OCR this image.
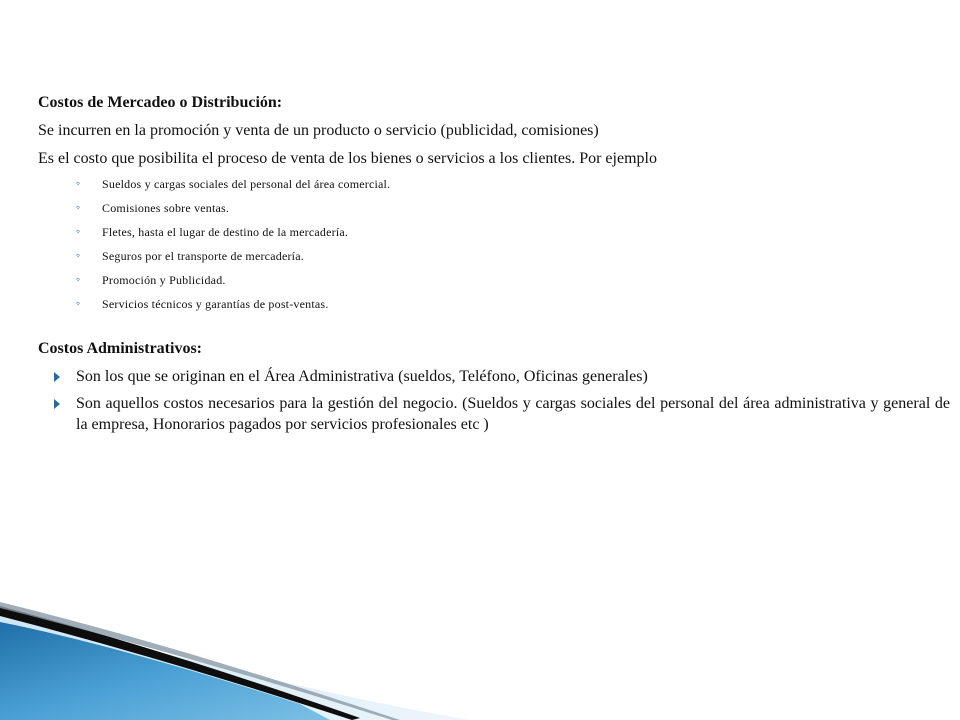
Costos de Mercadeo o Distribución:
Se incurren en la promoción y venta de un producto o servicio (publicidad, comisiones)
Es el costo que posibilita el proceso de venta de los bienes o servicios a los clientes. Por ejemplo
◦ Sueldos y cargas sociales del personal del área comercial.
◦ Comisiones sobre ventas.
◦ Fletes, hasta el lugar de destino de la mercadería.
◦ Seguros por el transporte de mercadería.
◦ Promoción y Publicidad.
◦ Servicios técnicos y garantías de post-ventas.
Costos Administrativos:
Son los que se originan en el Área Administrativa (sueldos, Teléfono, Oficinas generales)
Son aquellos costos necesarios para la gestión del negocio. (Sueldos y cargas sociales del personal del área administrativa y general de la empresa, Honorarios pagados por servicios profesionales etc )
